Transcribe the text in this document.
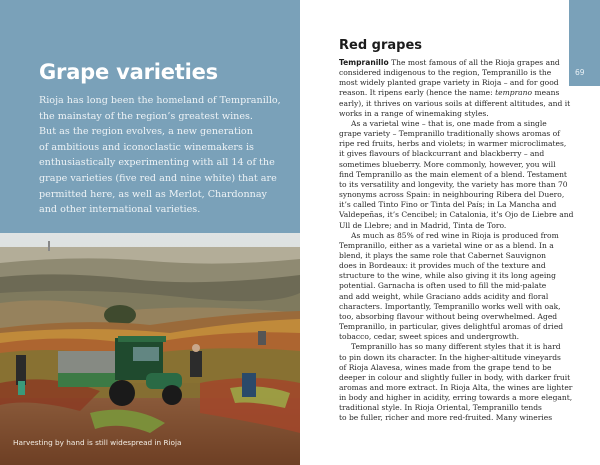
Grape varieties
Rioja has long been the homeland of Tempranillo,
the mainstay of the region’s greatest wines.
But as the region evolves, a new generation
of ambitious and iconoclastic winemakers is
enthusiastically experimenting with all 14 of the
grape varieties (five red and nine white) that are
permitted here, as well as Merlot, Chardonnay
and other international varieties.
Harvesting by hand is still widespread in Rioja
69
Red grapes
Tempranillo The most famous of all the Rioja grapes and
considered indigenous to the region, Tempranillo is the
most widely planted grape variety in Rioja – and for good
reason. It ripens early (hence the name: temprano means
early), it thrives on various soils at different altitudes, and it
works in a range of winemaking styles.
As a varietal wine – that is, one made from a single
grape variety – Tempranillo traditionally shows aromas of
ripe red fruits, herbs and violets; in warmer microclimates,
it gives flavours of blackcurrant and blackberry – and
sometimes blueberry. More commonly, however, you will
find Tempranillo as the main element of a blend. Testament
to its versatility and longevity, the variety has more than 70
synonyms across Spain: in neighbouring Ribera del Duero,
it’s called Tinto Fino or Tinta del País; in La Mancha and
Valdepeñas, it’s Cencibel; in Catalonia, it’s Ojo de Liebre and
Ull de Llebre; and in Madrid, Tinta de Toro.
As much as 85% of red wine in Rioja is produced from
Tempranillo, either as a varietal wine or as a blend. In a
blend, it plays the same role that Cabernet Sauvignon
does in Bordeaux: it provides much of the texture and
structure to the wine, while also giving it its long ageing
potential. Garnacha is often used to fill the mid-palate
and add weight, while Graciano adds acidity and floral
characters. Importantly, Tempranillo works well with oak,
too, absorbing flavour without being overwhelmed. Aged
Tempranillo, in particular, gives delightful aromas of dried
tobacco, cedar, sweet spices and undergrowth.
Tempranillo has so many different styles that it is hard
to pin down its character. In the higher-altitude vineyards
of Rioja Alavesa, wines made from the grape tend to be
deeper in colour and slightly fuller in body, with darker fruit
aromas and more extract. In Rioja Alta, the wines are lighter
in body and higher in acidity, erring towards a more elegant,
traditional style. In Rioja Oriental, Tempranillo tends
to be fuller, richer and more red-fruited. Many wineries
